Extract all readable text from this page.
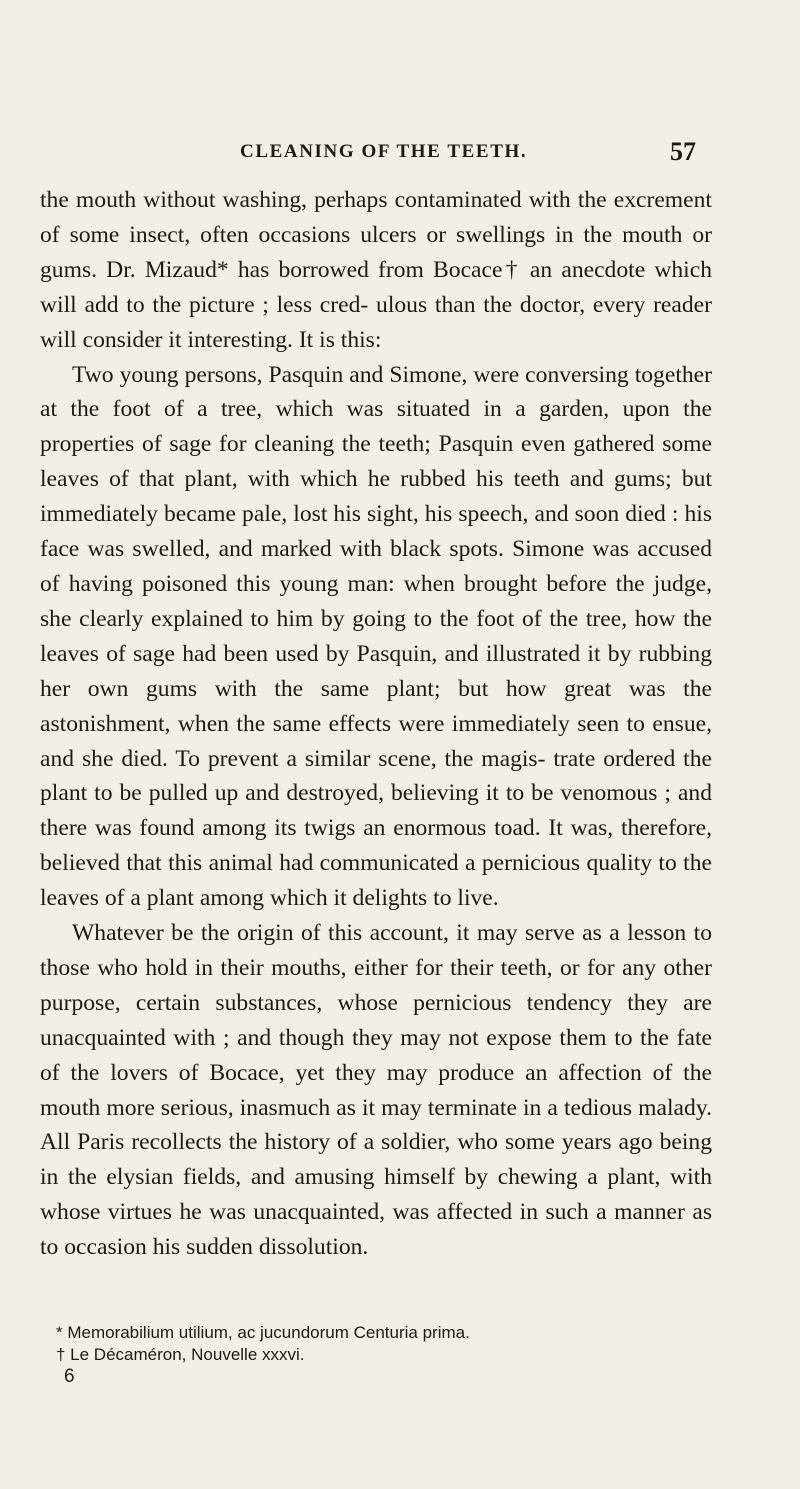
CLEANING OF THE TEETH.	57

the mouth without washing, perhaps contaminated with the excrement of some insect, often occasions ulcers or swellings in the mouth or gums. Dr. Mizaud* has borrowed from Bocace† an anecdote which will add to the picture ; less cred- ulous than the doctor, every reader will consider it interesting. It is this:

Two young persons, Pasquin and Simone, were conversing together at the foot of a tree, which was situated in a garden, upon the properties of sage for cleaning the teeth; Pasquin even gathered some leaves of that plant, with which he rubbed his teeth and gums; but immediately became pale, lost his sight, his speech, and soon died : his face was swelled, and marked with black spots. Simone was accused of having poisoned this young man: when brought before the judge, she clearly explained to him by going to the foot of the tree, how the leaves of sage had been used by Pasquin, and illustrated it by rubbing her own gums with the same plant; but how great was the astonishment, when the same effects were immediately seen to ensue, and she died. To prevent a similar scene, the magis- trate ordered the plant to be pulled up and destroyed, believing it to be venomous ; and there was found among its twigs an enormous toad. It was, therefore, believed that this animal had communicated a pernicious quality to the leaves of a plant among which it delights to live.

Whatever be the origin of this account, it may serve as a lesson to those who hold in their mouths, either for their teeth, or for any other purpose, certain substances, whose pernicious tendency they are unacquainted with ; and though they may not expose them to the fate of the lovers of Bocace, yet they may produce an affection of the mouth more serious, inasmuch as it may terminate in a tedious malady. All Paris recollects the history of a soldier, who some years ago being in the elysian fields, and amusing himself by chewing a plant, with whose virtues he was unacquainted, was affected in such a manner as to occasion his sudden dissolution.

* Memorabilium utilium, ac jucundorum Centuria prima.

† Le Décaméron, Nouvelle xxxvi.

6
